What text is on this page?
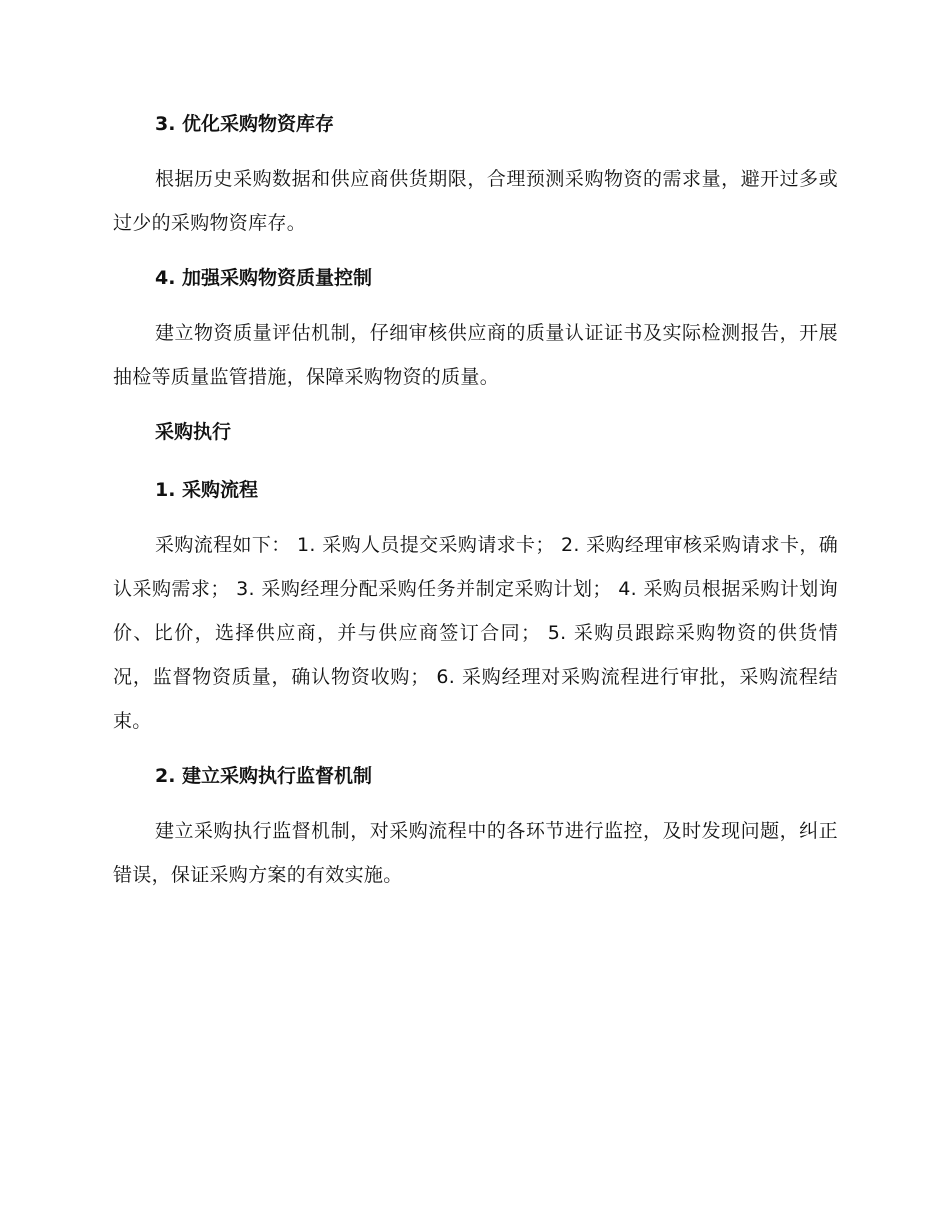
3. 优化采购物资库存

根据历史采购数据和供应商供货期限，合理预测采购物资的需求量，避开过多或过少的采购物资库存。

4. 加强采购物资质量控制

建立物资质量评估机制，仔细审核供应商的质量认证证书及实际检测报告，开展抽检等质量监管措施，保障采购物资的质量。

采购执行
1. 采购流程

采购流程如下： 1. 采购人员提交采购请求卡； 2. 采购经理审核采购请求卡，确认采购需求； 3. 采购经理分配采购任务并制定采购计划； 4. 采购员根据采购计划询价、比价，选择供应商，并与供应商签订合同； 5. 采购员跟踪采购物资的供货情况，监督物资质量，确认物资收购； 6. 采购经理对采购流程进行审批，采购流程结束。

2. 建立采购执行监督机制

建立采购执行监督机制，对采购流程中的各环节进行监控，及时发现问题，纠正错误，保证采购方案的有效实施。
